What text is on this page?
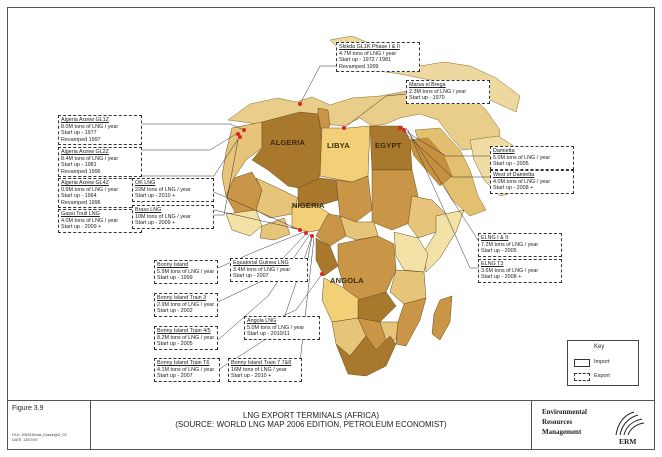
ALGERIA	LIBYA	EGYPT
NIGERIA
ANGOLA
Skikda GL1K Phase I & II
4.7M tons of LNG / year
Start up - 1972 / 1981
Revamped 1999
Marsa el Brega
2.3M tons of LNG / year
Start up - 1970
Algeria Arzew GL1Z
8.0M tons of LNG / year
Start up - 1977
Revamped 1997
Algeria Arzew GL2Z
8.4M tons of LNG / year
Start up - 1981
Revamped 1996
Algeria Arzew GL4Z
0.9M tons of LNG / year
Start up - 1964
Revamped 1996
Gassi Touil LNG
4.0M tons of LNG / year
Start up - 2009 +
OK LNG
22M tons of LNG / year
Start up - 2010 +
Brass LNG
10M tons of LNG / year
Start up - 2009 +
Damietta
5.0M tons of LNG / year
Start up - 2005
West of Damietta
4.0M tons of LNG / year
Start up - 2008 +
ELNG I & II
7.2M tons of LNG / year
Start up - 2005
ELNG T3
3.6M tons of LNG / year
Start up - 2008 +
Bonny Island
5.9M tons of LNG / year
Start up - 1999
Equatorial Guinea LNG
3.4M tons of LNG / year
Start up - 2007
Bonny Island Train 3
2.9M tons of LNG / year
Start up - 2002
Angola LNG
5.0M tons of LNG / year
Start up - 2010/11
Bonny Island Train 4/5
8.2M tons of LNG / year
Start up - 2005
Bonny Island Train T6
4.1M tons of LNG / year
Start up - 2007
Bonny Island Train 7 7&8
16M tons of LNG / year
Start up - 2010 +
Key
Import
Export
Figure 3.9
FILE: 0069180mia_Drawing02_03
DATE: 13/07/09
LNG EXPORT TERMINALS (AFRICA)
(SOURCE: WORLD LNG MAP 2006 EDITION, PETROLEUM ECONOMIST)
Environmental
Resources
Management
ERM
